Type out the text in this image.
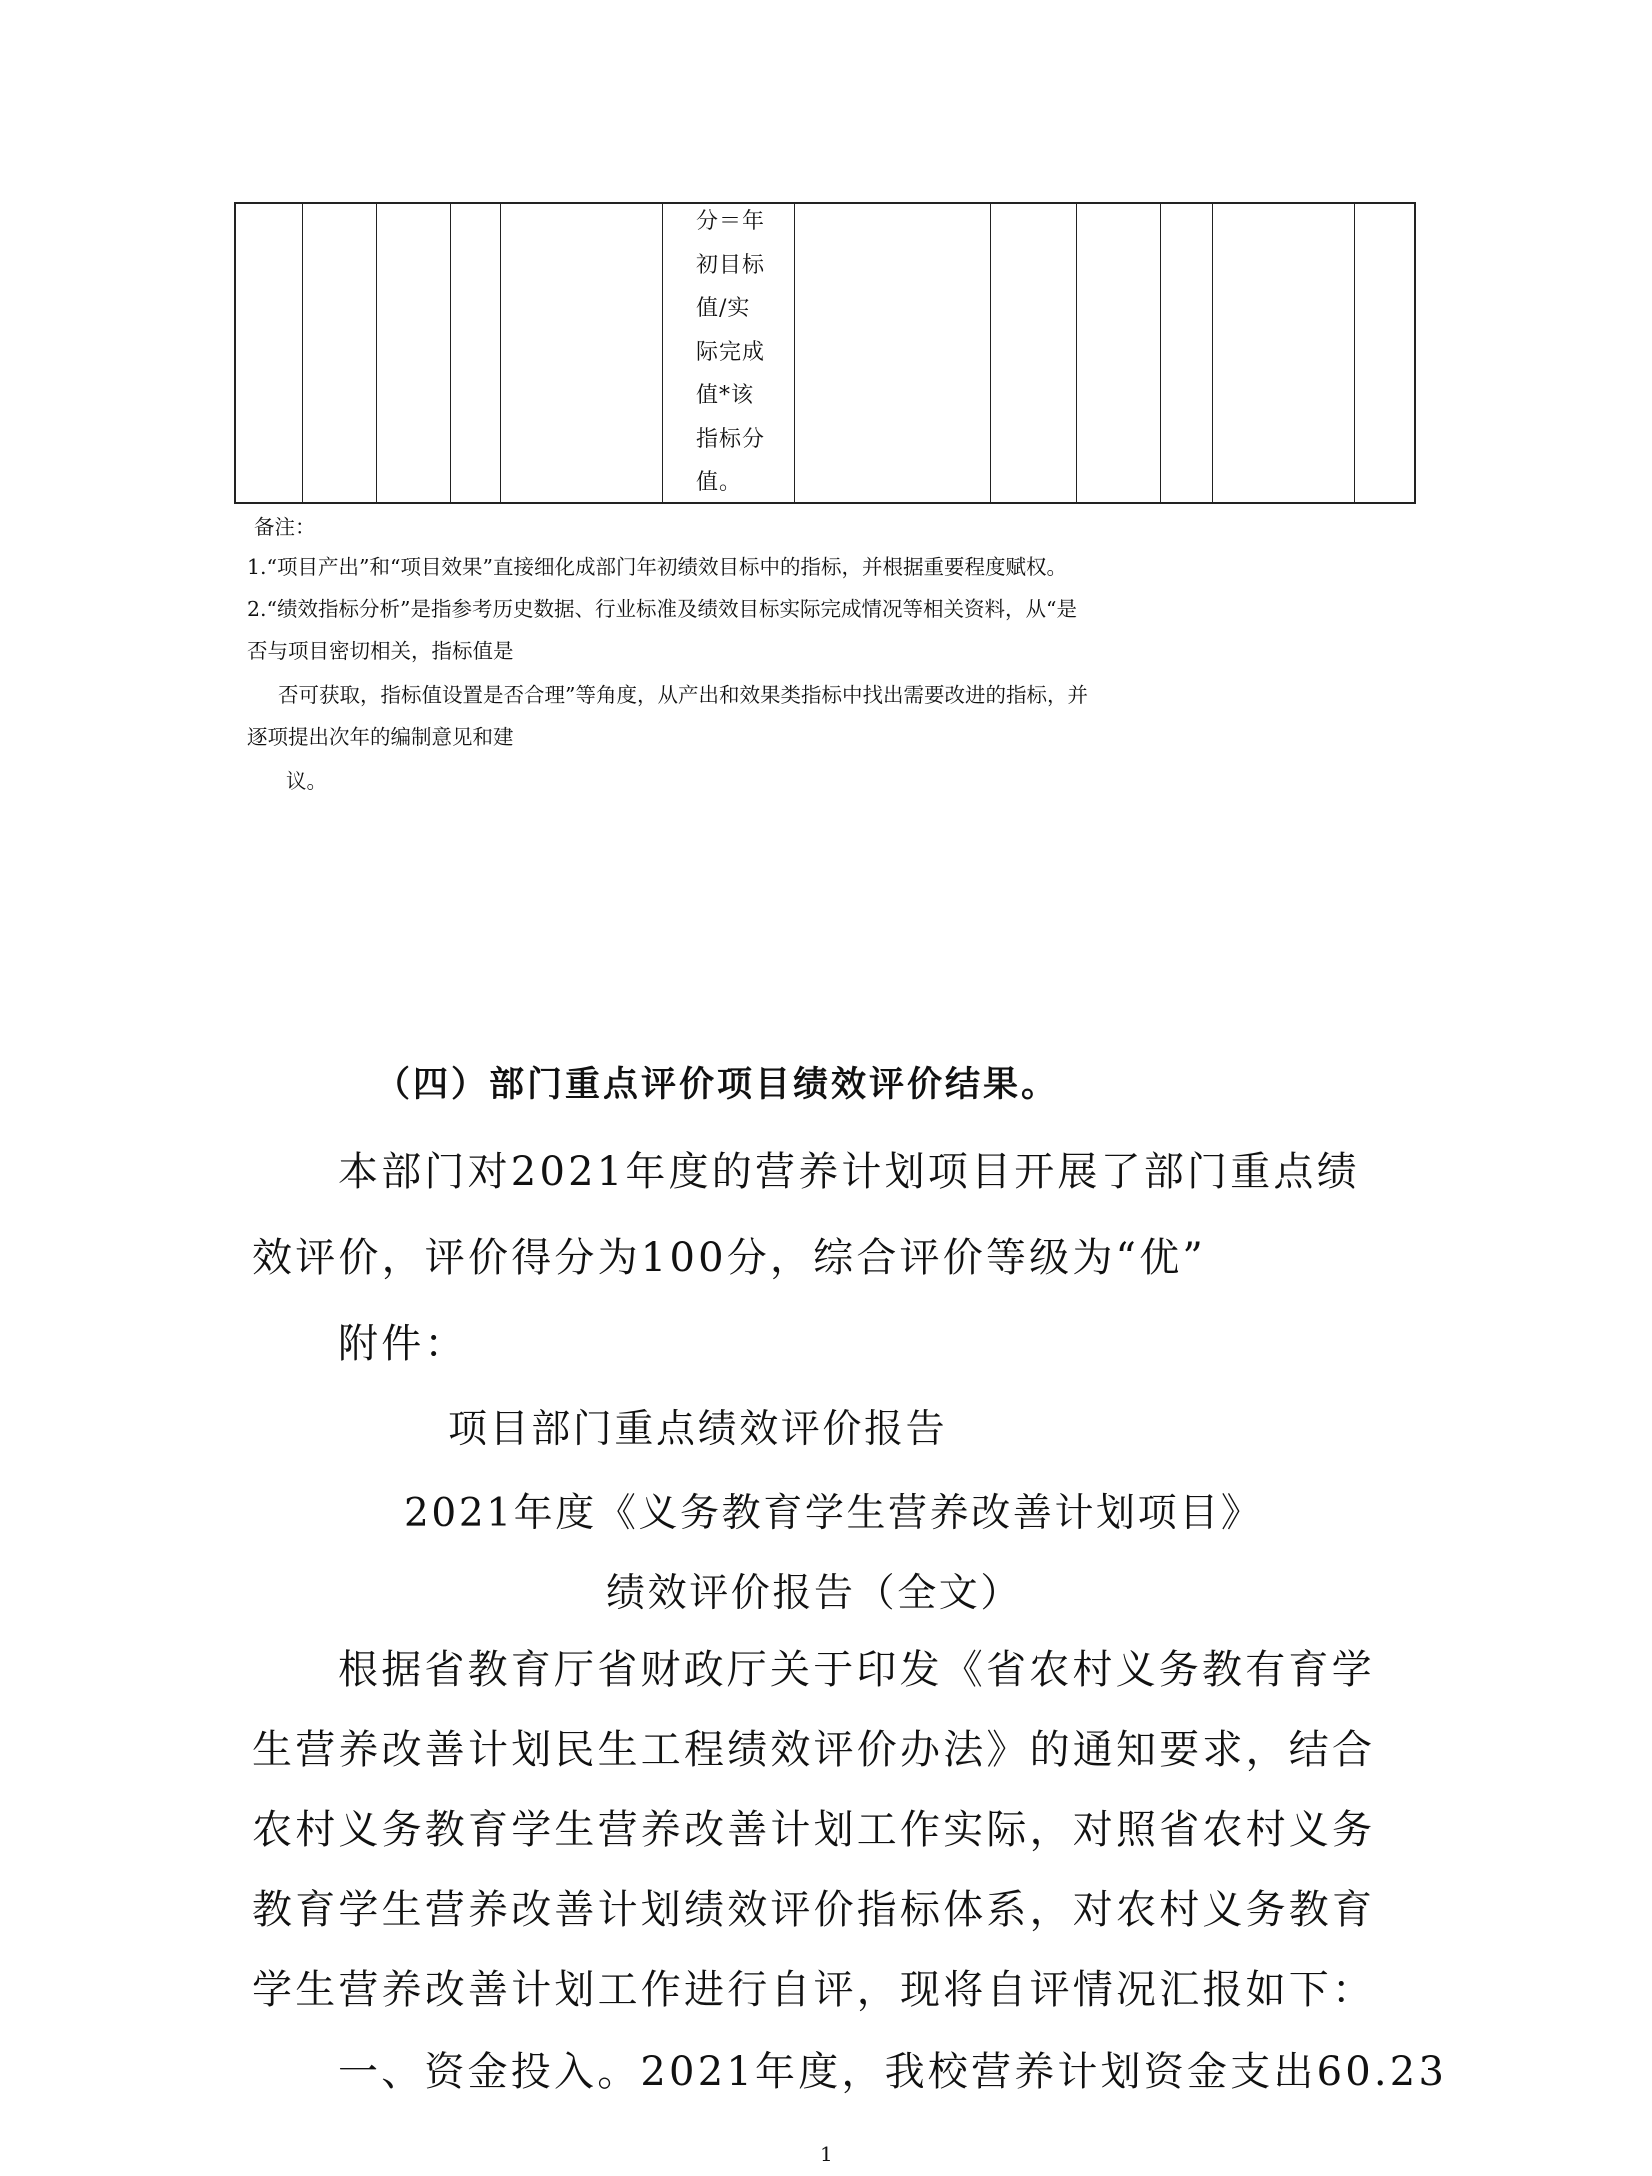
分＝年
初目标
值/实
际完成
值*该
指标分
值。
备注：
1.“项目产出”和“项目效果”直接细化成部门年初绩效目标中的指标，并根据重要程度赋权。
2.“绩效指标分析”是指参考历史数据、行业标准及绩效目标实际完成情况等相关资料，从“是
否与项目密切相关，指标值是
否可获取，指标值设置是否合理”等角度，从产出和效果类指标中找出需要改进的指标，并
逐项提出次年的编制意见和建
议。
（四）部门重点评价项目绩效评价结果。
本部门对2021年度的营养计划项目开展了部门重点绩
效评价，评价得分为100分，综合评价等级为“优”
附件：
项目部门重点绩效评价报告
2021年度《义务教育学生营养改善计划项目》
绩效评价报告（全文）
根据省教育厅省财政厅关于印发《省农村义务教有育学
生营养改善计划民生工程绩效评价办法》的通知要求，结合
农村义务教育学生营养改善计划工作实际，对照省农村义务
教育学生营养改善计划绩效评价指标体系，对农村义务教育
学生营养改善计划工作进行自评，现将自评情况汇报如下：
一、资金投入。2021年度，我校营养计划资金支出60.23
1
